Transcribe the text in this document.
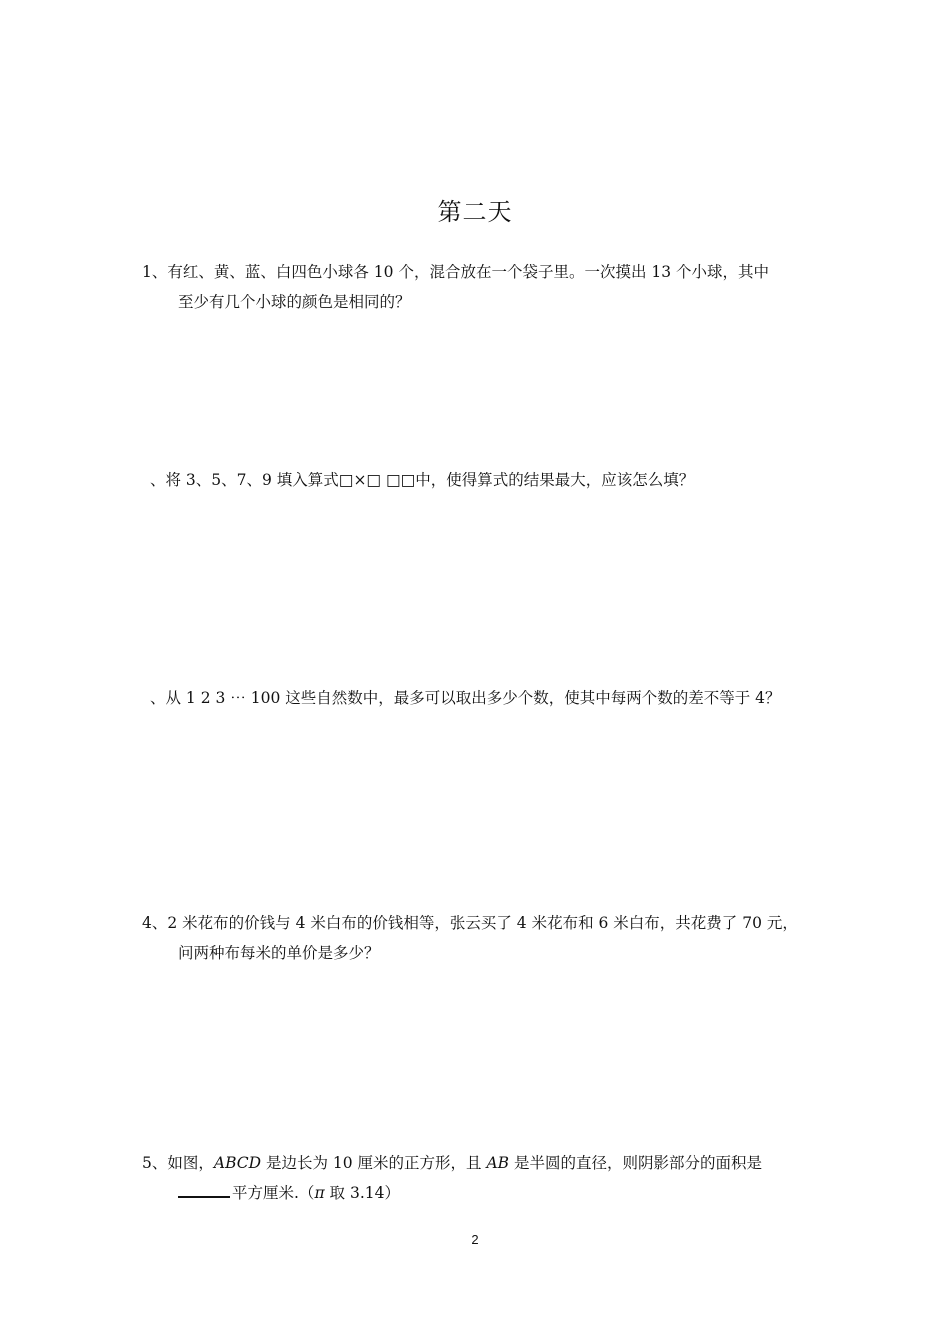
第二天
1、有红、黄、蓝、白四色小球各 10 个，混合放在一个袋子里。一次摸出 13 个小球，其中
至少有几个小球的颜色是相同的？
、将 3、5、7、9 填入算式□×□ □□中，使得算式的结果最大，应该怎么填？
、从 1 2 3 ⋯ 100 这些自然数中，最多可以取出多少个数，使其中每两个数的差不等于 4？
4、2 米花布的价钱与 4 米白布的价钱相等，张云买了 4 米花布和 6 米白布，共花费了 70 元，
问两种布每米的单价是多少？
5、如图，ABCD 是边长为 10 厘米的正方形，且 AB 是半圆的直径，则阴影部分的面积是
平方厘米.（π 取 3.14）
2
